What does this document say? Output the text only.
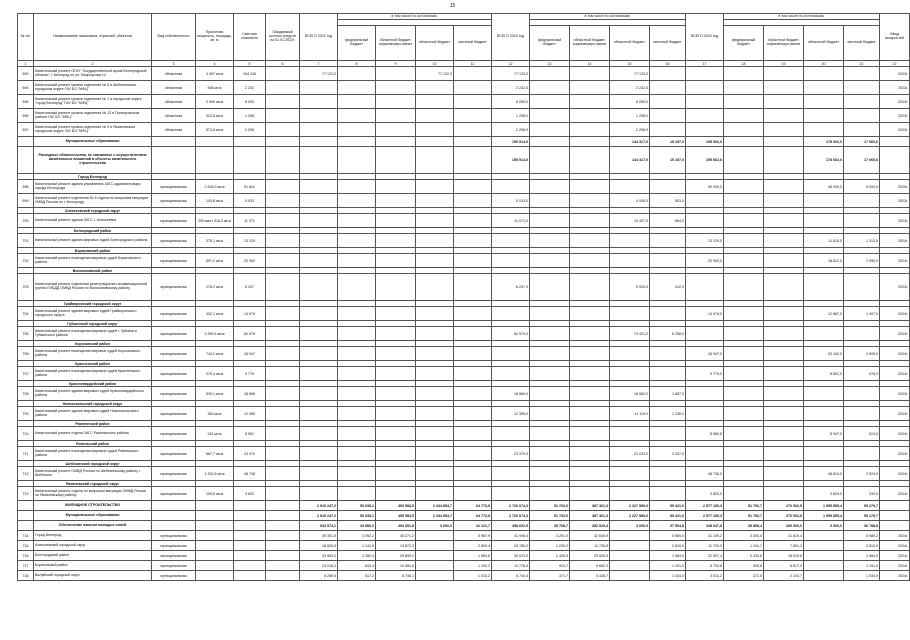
15
№ п/п	Наименование заказчиков, отраслей, объектов	Вид собственности	Проектная мощность, площадь, кв. м	Сметная стоимость	Ожидаемый остаток средств на 01.01.2022г.	ВСЕГО 2022 год	в том числе по источникам:				ВСЕГО 2023 год	в том числе по источникам:				ВСЕГО 2024 год	в том числе по источникам:				Ввод мощностей

							федеральный бюджет	областной бюджет, софинансиро-вание	областной бюджет	местный бюджет		федеральный бюджет	областной бюджет, софинансиро-вание	областной бюджет	местный бюджет		федеральный бюджет	областной бюджет, софинансиро-вание	областной бюджет	местный бюджет	
1	2	3	4	5	6	7	8	9	10	11	12	13	14	15	16	17	18	19	20	21	22
693	Капитальный ремонт ОГКУ "Государственный архив Белгородской области" г. Белгород по ул. Мокроусова 14	областная	4 407 кв.м	154 245		77 122,0			77 122,0		77 123,0			77 123,0							2023г.
694	Капитальный ремонт кровли отделения № 5 в Шебекинском городском округе ГАУ БО "МФЦ"	областная	558 кв.м	2 232							2 232,0			2 232,0							2023г.
695	Капитальный ремонт кровли отделения № 1 в городском округе "город Белгород" ГАУ БО "МФЦ"	областная	2 000 кв.м	8 000							8 000,0			8 000,0							2023г.
696	Капитальный ремонт кровли отделения № 13 в Прохоровском районе ГАУ БО "МФЦ"	областная	324,5 кв.м	1 298							1 298,0			1 298,0							2023г.
697	Капитальный ремонт кровли отделения № 9 в Яковлевском городском округе ГАУ БО "МФЦ"	областная	573,8 кв.м	2 296							2 296,0			2 296,0							2023г.
	Муниципальные образования										159 514,0			144 317,0	15 197,0	195 062,6			178 002,0	17 060,6	
	Расходные обязательства, не связанные с осуществлением капитальных вложений в объекты капитального строительства										159 514,0			144 317,0	15 197,0	195 062,6			178 002,0	17 060,6	
	Город Белгород																				
698	Капитальный ремонт здания управления ЗАГС администрации города Белгорода	муниципальная	2 618,3 кв.м	91 641												50 000,0			45 000,0	5 000,0	2025г.
699	Капитальный ремонт отделения № 5 отдела по вопросам миграции УМВД России по г. Белгороду	муниципальная	143,8 кв.м	5 033							5 033,0			4 530,0	503,0						2023г.
	Алексеевский городской округ																				
700	Капитальный ремонт здания ЗАГС г. Алексеевка	муниципальная	200 мест 316,3 кв.м	11 071							11 071,0			10 407,0	664,0						2023г.
	Белгородский район																				
701	Капитальный ремонт здания мировых судей Белгородского района	муниципальная	375,1 кв.м	13 129												13 129,0			11 815,0	1 313,0	2024г.
	Борисовский район																				
702	Капитальный ремонт помещения мировых судей Борисовского района	муниципальная	597,2 кв.м	20 902												20 902,0			18 812,0	2 090,0	2024г.
	Волоконовский район																				
703	Капитальный ремонт отделения регистрационно-экзаменационной группы ГИБДД ОМВД России по Волоконовскому району	муниципальная	178,2 кв.м	6 237							6 237,0			5 925,0	312,0						2023г.
	Грайворонский городской округ																				
704	Капитальный ремонт здания мировых судей Грайворонского городского округа	муниципальная	402,1 кв.м	14 074												14 074,0			12 667,0	1 407,0	2024г.
	Губкинский городской округ																				
705	Капитальный ремонт помещения мировых судей г. Губкина и Губкинского района	муниципальная	2 359,4 кв.м	82 579							82 579,0			74 321,0	8 258,0						2023г.
	Корочанский район																				
706	Капитальный ремонт помещения мировых судей Корочанского района	муниципальная	744,2 кв.м	26 047												26 047,0			23 442,0	2 605,0	2024г.
	Красненский район																				
707	Капитальный ремонт помещения мировых судей Красненского района	муниципальная	279,4 кв.м	9 779												9 779,0			8 801,0	978,0	2024г.
	Красногвардейский район																				
708	Капитальный ремонт здания мировых судей Красногвардейского района	муниципальная	539,1 кв.м	18 869							18 869,0			16 982,0	1 887,0						2023г.
	Новооскольский городской округ																				
709	Капитальный ремонт здания мировых судей Новооскольского района	муниципальная	353 кв.м	12 355							12 355,0			11 119,0	1 236,0						2023г.
	Ракитянский район																				
710	Капитальный ремонт отдела ЗАГС Ракитянского района	муниципальная	242 кв.м	8 561												8 560,6			8 047,0	513,6	2024г.
	Ровеньский район																				
711	Капитальный ремонт помещения мировых судей Ровеньского района	муниципальная	667,7 кв.м	23 370							23 370,0			21 033,0	2 337,0						2023г.
	Шебекинский городской округ																				
712	Капитальный ремонт ОМВД России по Шебекинскому району г. Шебекино	муниципальная	1 392,5 кв.м	48 738												48 738,0			45 814,0	2 924,0	2024г.
	Яковлевский городской округ																				
713	Капитальный ремонт отдела по вопросам миграции ОМВД России по Яковлевскому району	муниципальная	109,5 кв.м	3 833												3 833,0			3 603,0	230,0	2024г.
	ЖИЛИЩНОЕ СТРОИТЕЛЬСТВО					2 919 247,2	50 035,1	459 583,5	2 344 854,7	64 773,9	2 726 074,3	51 703,0	387 361,3	2 227 589,0	59 421,0	2 577 160,3	51 792,7	270 932,5	1 995 855,4	59 179,7	
	Муниципальные образования					2 919 247,2	50 035,1	459 583,5	2 344 854,7	64 773,9	2 726 074,3	51 703,0	387 361,3	2 227 589,0	59 421,0	2 577 160,3	51 792,7	270 932,5	1 995 855,4	59 179,7	
	Обеспечение жильем молодых семей					534 574,1	34 980,0	494 351,8	3 000,0	42 121,7	458 602,9	35 768,7	382 529,4	3 000,0	37 504,8	348 047,8	35 858,4	269 000,0	3 000,0	36 788,8	
714	Город Белгород	муниципальная				49 351,5	3 092,2	40 271,2		5 987,9	41 908,4	3 291,0	32 640,5		5 989,0	31 109,2	3 300,0	21 819,4		5 989,2	2024г.
715	Алексеевский городской округ	муниципальная				18 825,6	1 141,9	14 872,3		2 809,4	15 785,0	1 239,2	11 735,8		2 810,0	11 703,0	1 241,7	7 651,3		2 810,0	2024г.
716	Белгородский район	муниципальная				33 963,2	2 280,4	29 699,2		1 983,6	30 023,0	2 426,5	25 520,5		1 984,0	22 937,4	2 433,6	18 519,8		1 984,0	2024г.
717	Борисовский район	муниципальная				13 018,2	843,4	10 984,6		1 190,2	11 778,0	924,7	9 662,3		1 191,0	8 734,8	926,8	6 617,0		1 191,0	2024г.
718	Валуйский городской округ	муниципальная				8 286,5	517,2	6 736,1		1 033,2	6 734,4	371,7	5 328,7		1 034,0	3 511,2	372,5	2 104,7		1 034,0	2024г.
